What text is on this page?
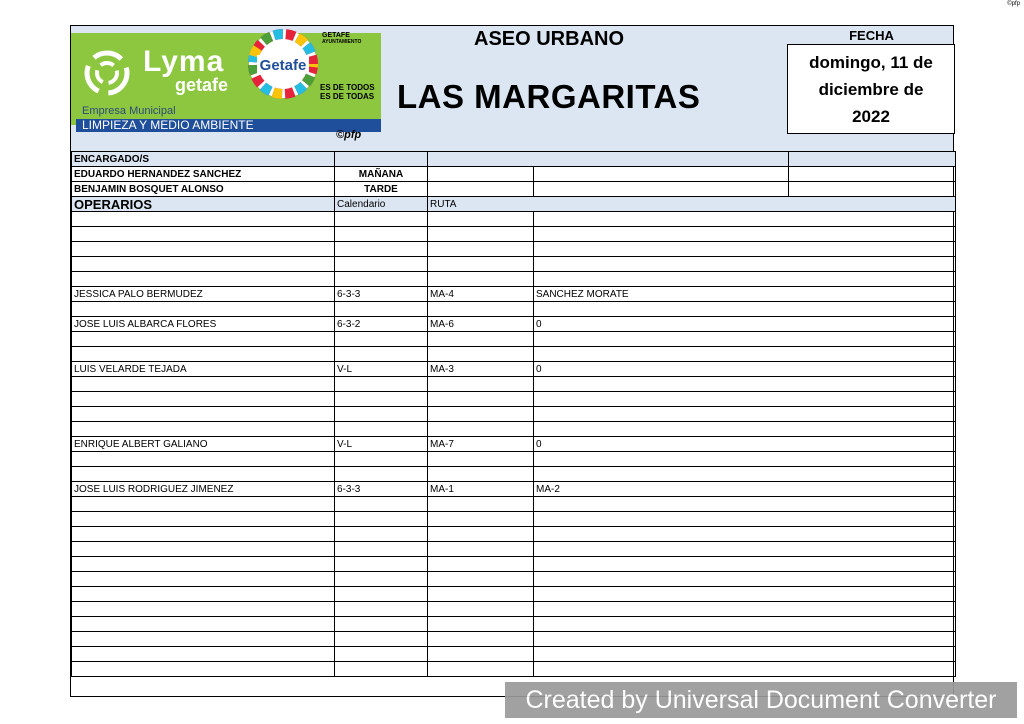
©pfp
Lyma
getafe
Empresa Municipal
LIMPIEZA Y MEDIO AMBIENTE
Getafe
GETAFE
AYUNTAMIENTO
ES DE TODOS
ES DE TODAS
©pfp
ASEO URBANO
LAS MARGARITAS
FECHA
domingo, 11 de
diciembre de
2022
ENCARGADO/S				
EDUARDO HERNANDEZ SANCHEZ	MAÑANA			
BENJAMIN BOSQUET ALONSO	TARDE			
OPERARIOS	Calendario	RUTA		

JESSICA PALO BERMUDEZ	6-3-3	MA-4	SANCHEZ MORATE	

JOSE LUIS ALBARCA FLORES	6-3-2	MA-6	0	

LUIS VELARDE TEJADA	V-L	MA-3	0	

ENRIQUE ALBERT GALIANO	V-L	MA-7	0	

JOSE LUIS RODRIGUEZ JIMENEZ	6-3-3	MA-1	MA-2	

Created by Universal Document Converter
